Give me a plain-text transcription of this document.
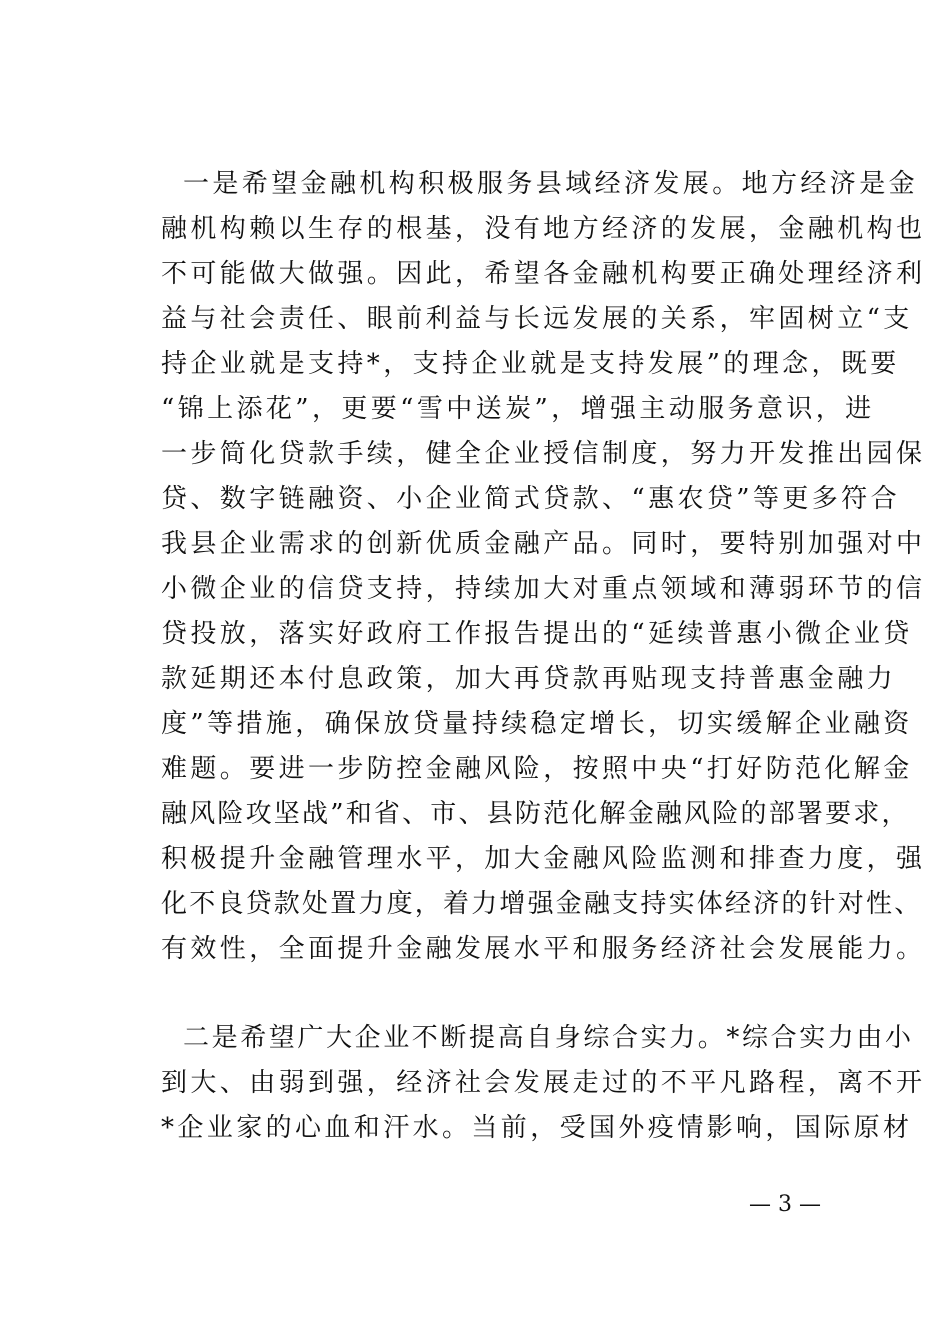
一是希望金融机构积极服务县域经济发展。地方经济是金
融机构赖以生存的根基，没有地方经济的发展，金融机构也
不可能做大做强。因此，希望各金融机构要正确处理经济利
益与社会责任、眼前利益与长远发展的关系，牢固树立“支
持企业就是支持*，支持企业就是支持发展”的理念，既要
“锦上添花”，更要“雪中送炭”，增强主动服务意识，进
一步简化贷款手续，健全企业授信制度，努力开发推出园保
贷、数字链融资、小企业简式贷款、“惠农贷”等更多符合
我县企业需求的创新优质金融产品。同时，要特别加强对中
小微企业的信贷支持，持续加大对重点领域和薄弱环节的信
贷投放，落实好政府工作报告提出的“延续普惠小微企业贷
款延期还本付息政策，加大再贷款再贴现支持普惠金融力
度”等措施，确保放贷量持续稳定增长，切实缓解企业融资
难题。要进一步防控金融风险，按照中央“打好防范化解金
融风险攻坚战”和省、市、县防范化解金融风险的部署要求，
积极提升金融管理水平，加大金融风险监测和排查力度，强
化不良贷款处置力度，着力增强金融支持实体经济的针对性、
有效性，全面提升金融发展水平和服务经济社会发展能力。
二是希望广大企业不断提高自身综合实力。*综合实力由小
到大、由弱到强，经济社会发展走过的不平凡路程，离不开
*企业家的心血和汗水。当前，受国外疫情影响，国际原材
— 3 —
